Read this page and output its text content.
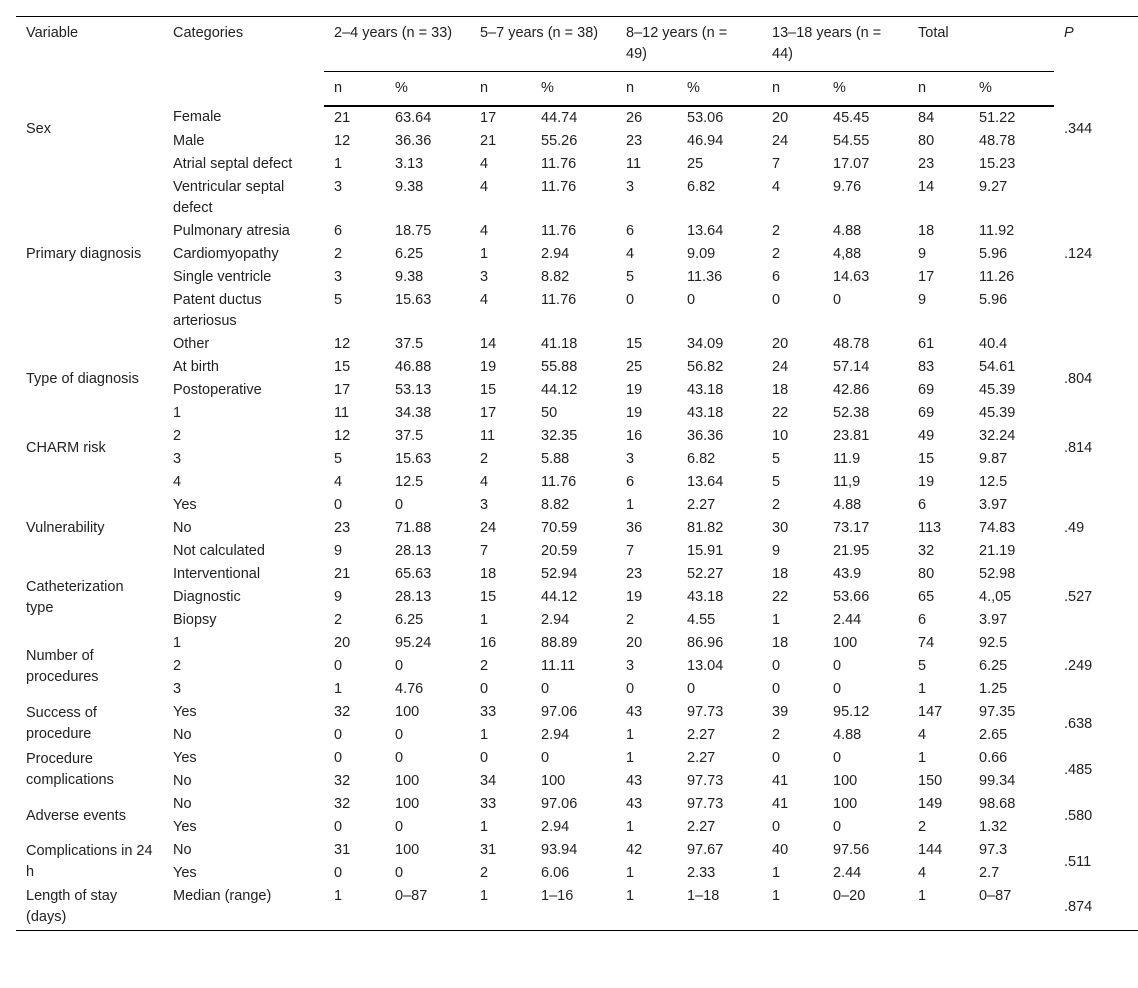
Variable	Categories	2–4 years (n = 33)		5–7 years (n = 38)		8–12 years (n = 49)		13–18 years (n = 44)		Total		P
		n	%	n	%	n	%	n	%	n	%	
Sex	Female	21	63.64	17	44.74	26	53.06	20	45.45	84	51.22	.344
	Male	12	36.36	21	55.26	23	46.94	24	54.55	80	48.78	
Primary diagnosis	Atrial septal defect	1	3.13	4	11.76	11	25	7	17.07	23	15.23	.124
	Ventricular septal defect	3	9.38	4	11.76	3	6.82	4	9.76	14	9.27	
	Pulmonary atresia	6	18.75	4	11.76	6	13.64	2	4.88	18	11.92	
	Cardiomyopathy	2	6.25	1	2.94	4	9.09	2	4,88	9	5.96	
	Single ventricle	3	9.38	3	8.82	5	11.36	6	14.63	17	11.26	
	Patent ductus arteriosus	5	15.63	4	11.76	0	0	0	0	9	5.96	
	Other	12	37.5	14	41.18	15	34.09	20	48.78	61	40.4	
Type of diagnosis	At birth	15	46.88	19	55.88	25	56.82	24	57.14	83	54.61	.804
	Postoperative	17	53.13	15	44.12	19	43.18	18	42.86	69	45.39	
CHARM risk	1	11	34.38	17	50	19	43.18	22	52.38	69	45.39	.814
	2	12	37.5	11	32.35	16	36.36	10	23.81	49	32.24	
	3	5	15.63	2	5.88	3	6.82	5	11.9	15	9.87	
	4	4	12.5	4	11.76	6	13.64	5	11,9	19	12.5	
Vulnerability	Yes	0	0	3	8.82	1	2.27	2	4.88	6	3.97	.49
	No	23	71.88	24	70.59	36	81.82	30	73.17	113	74.83	
	Not calculated	9	28.13	7	20.59	7	15.91	9	21.95	32	21.19	
Catheterization type	Interventional	21	65.63	18	52.94	23	52.27	18	43.9	80	52.98	.527
	Diagnostic	9	28.13	15	44.12	19	43.18	22	53.66	65	4.,05	
	Biopsy	2	6.25	1	2.94	2	4.55	1	2.44	6	3.97	
Number of procedures	1	20	95.24	16	88.89	20	86.96	18	100	74	92.5	.249
	2	0	0	2	11.11	3	13.04	0	0	5	6.25	
	3	1	4.76	0	0	0	0	0	0	1	1.25	
Success of procedure	Yes	32	100	33	97.06	43	97.73	39	95.12	147	97.35	.638
	No	0	0	1	2.94	1	2.27	2	4.88	4	2.65	
Procedure complications	Yes	0	0	0	0	1	2.27	0	0	1	0.66	.485
	No	32	100	34	100	43	97.73	41	100	150	99.34	
Adverse events	No	32	100	33	97.06	43	97.73	41	100	149	98.68	.580
	Yes	0	0	1	2.94	1	2.27	0	0	2	1.32	
Complications in 24 h	No	31	100	31	93.94	42	97.67	40	97.56	144	97.3	.511
	Yes	0	0	2	6.06	1	2.33	1	2.44	4	2.7	
Length of stay (days)	Median (range)	1	0–87	1	1–16	1	1–18	1	0–20	1	0–87	.874
